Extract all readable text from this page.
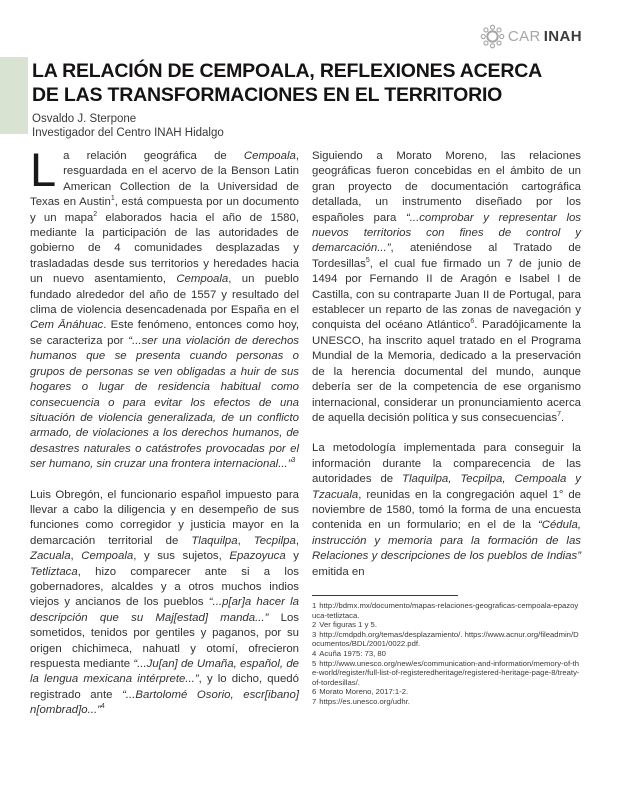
CAR INAH
LA RELACIÓN DE CEMPOALA, REFLEXIONES ACERCA
DE LAS TRANSFORMACIONES EN EL TERRITORIO
Osvaldo J. Sterpone
Investigador del Centro INAH Hidalgo

La relación geográfica de Cempoala, resguardada en el acervo de la Benson Latin American Collection de la Universidad de Texas en Austin$^1$, está compuesta por un documento y un mapa$^2$ elaborados hacia el año de 1580, mediante la participación de las autoridades de gobierno de 4 comunidades desplazadas y trasladadas desde sus territorios y heredades hacia un nuevo asentamiento, Cempoala, un pueblo fundado alrededor del año de 1557 y resultado del clima de violencia desencadenada por España en el Cem Ānáhuac. Este fenómeno, entonces como hoy, se caracteriza por “...ser una violación de derechos humanos que se presenta cuando personas o grupos de personas se ven obligadas a huir de sus hogares o lugar de residencia habitual como consecuencia o para evitar los efectos de una situación de violencia generalizada, de un conflicto armado, de violaciones a los derechos humanos, de desastres naturales o catástrofes provocadas por el ser humano, sin cruzar una frontera internacional...”$^3$

Luis Obregón, el funcionario español impuesto para llevar a cabo la diligencia y en desempeño de sus funciones como corregidor y justicia mayor en la demarcación territorial de Tlaquilpa, Tecpilpa, Zacuala, Cempoala, y sus sujetos, Epazoyuca y Tetliztaca, hizo comparecer ante si a los gobernadores, alcaldes y a otros muchos indios viejos y ancianos de los pueblos “...p[ar]a hacer la descripción que su Maj[estad] manda...” Los sometidos, tenidos por gentiles y paganos, por su origen chichimeca, nahuatl y otomí, ofrecieron respuesta mediante “...Ju[an] de Umaña, español, de la lengua mexicana intérprete...”, y lo dicho, quedó registrado ante “...Bartolomé Osorio, escr[ibano] n[ombrad]o...”$^4$

Siguiendo a Morato Moreno, las relaciones geográficas fueron concebidas en el ámbito de un gran proyecto de documentación cartográfica detallada, un instrumento diseñado por los españoles para “...comprobar y representar los nuevos territorios con fines de control y demarcación...”, ateniéndose al Tratado de Tordesillas$^5$, el cual fue firmado un 7 de junio de 1494 por Fernando II de Aragón e Isabel I de Castilla, con su contraparte Juan II de Portugal, para establecer un reparto de las zonas de navegación y conquista del océano Atlántico$^6$. Paradójicamente la UNESCO, ha inscrito aquel tratado en el Programa Mundial de la Memoria, dedicado a la preservación de la herencia documental del mundo, aunque debería ser de la competencia de ese organismo internacional, considerar un pronunciamiento acerca de aquella decisión política y sus consecuencias$^7$.

La metodología implementada para conseguir la información durante la comparecencia de las autoridades de Tlaquilpa, Tecpilpa, Cempoala y Tzacuala, reunidas en la congregación aquel 1° de noviembre de 1580, tomó la forma de una encuesta contenida en un formulario; en el de la “Cédula, instrucción y memoria para la formación de las Relaciones y descripciones de los pueblos de Indias” emitida en

1 http://bdmx.mx/documento/mapas-relaciones-geograficas-cempoala-epazoyuca-tetliztaca.
2 Ver figuras 1 y 5.
3 http://cmdpdh.org/temas/desplazamiento/. https://www.acnur.org/fileadmin/Documentos/BDL/2001/0022.pdf.
4 Acuña 1975: 73, 80
5 http://www.unesco.org/new/es/communication-and-information/memory-of-the-world/register/full-list-of-registeredheritage/registered-heritage-page-8/treaty-of-tordesillas/.
6 Morato Moreno, 2017:1-2.
7 https://es.unesco.org/udhr.
